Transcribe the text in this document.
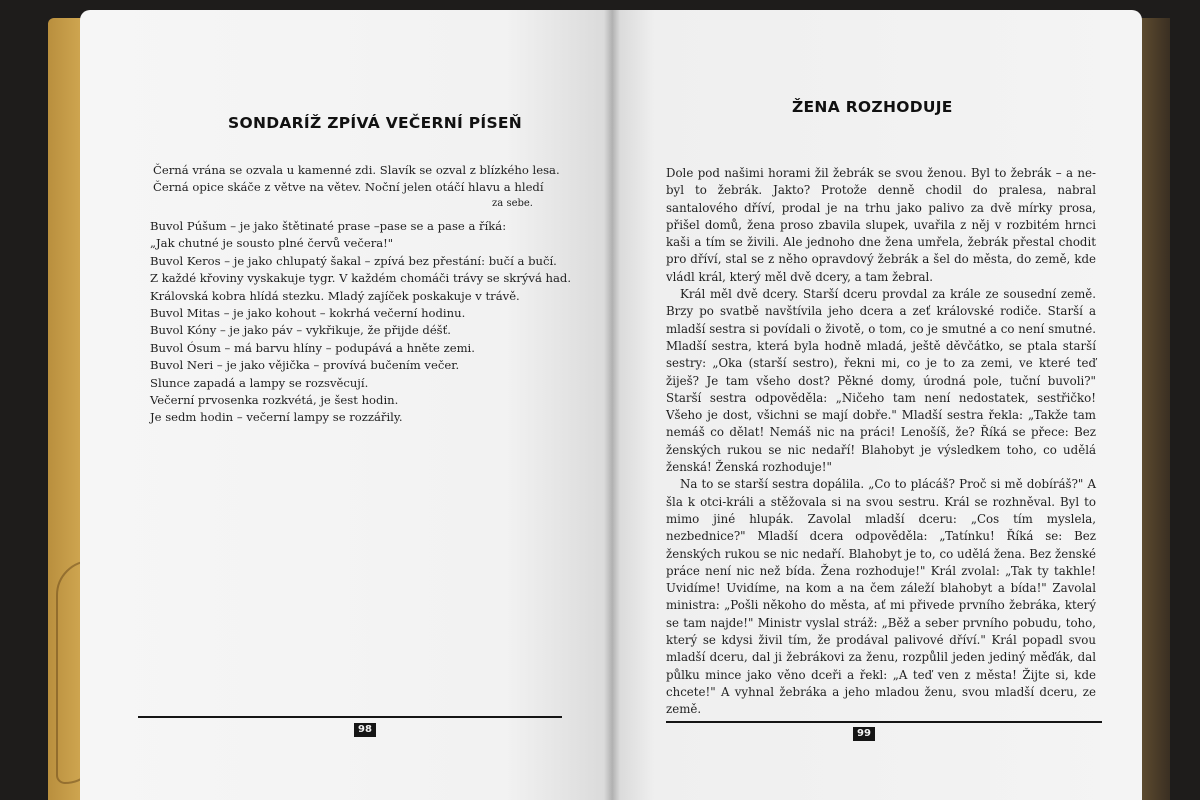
SONDARÍŽ ZPÍVÁ VEČERNÍ PÍSEŇ
Černá vrána se ozvala u kamenné zdi. Slavík se ozval z blízkého lesa.
Černá opice skáče z větve na větev. Noční jelen otáčí hlavu a hledí
za sebe.
Buvol Púšum – je jako štětinaté prase –pase se a pase a říká:
„Jak chutné je sousto plné červů večera!"
Buvol Keros – je jako chlupatý šakal – zpívá bez přestání: bučí a bučí.
Z každé křoviny vyskakuje tygr. V každém chomáči trávy se skrývá had.
Královská kobra hlídá stezku. Mladý zajíček poskakuje v trávě.
Buvol Mitas – je jako kohout – kokrhá večerní hodinu.
Buvol Kóny – je jako páv – vykřikuje, že přijde déšť.
Buvol Ósum – má barvu hlíny – podupává a hněte zemi.
Buvol Neri – je jako vějička – provívá bučením večer.
Slunce zapadá a lampy se rozsvěcují.
Večerní prvosenka rozkvétá, je šest hodin.
Je sedm hodin – večerní lampy se rozzářily.
98
ŽENA ROZHODUJE

Dole pod našimi horami žil žebrák se svou ženou. Byl to žebrák – a ne-byl to žebrák. Jakto? Protože denně chodil do pralesa, nabral santalového dříví, prodal je na trhu jako palivo za dvě mírky prosa, přišel domů, žena proso zbavila slupek, uvařila z něj v rozbitém hrnci kaši a tím se živili. Ale jednoho dne žena umřela, žebrák přestal chodit pro dříví, stal se z něho opravdový žebrák a šel do města, do země, kde vládl král, který měl dvě dcery, a tam žebral.

Král měl dvě dcery. Starší dceru provdal za krále ze sousední země. Brzy po svatbě navštívila jeho dcera a zeť královské rodiče. Starší a mladší sestra si povídali o životě, o tom, co je smutné a co není smutné. Mladší sestra, která byla hodně mladá, ještě děvčátko, se ptala starší sestry: „Oka (starší sestro), řekni mi, co je to za zemi, ve které teď žiješ? Je tam všeho dost? Pěkné domy, úrodná pole, tuční buvoli?" Starší sestra odpověděla: „Ničeho tam není nedostatek, sestřičko! Všeho je dost, všichni se mají dobře." Mladší sestra řekla: „Takže tam nemáš co dělat! Nemáš nic na práci! Lenošíš, že? Říká se přece: Bez ženských rukou se nic nedaří! Blahobyt je výsledkem toho, co udělá ženská! Ženská rozhoduje!"

Na to se starší sestra dopálila. „Co to plácáš? Proč si mě dobíráš?" A šla k otci-králi a stěžovala si na svou sestru. Král se rozhněval. Byl to mimo jiné hlupák. Zavolal mladší dceru: „Cos tím myslela, nezbednice?" Mladší dcera odpověděla: „Tatínku! Říká se: Bez ženských rukou se nic nedaří. Blahobyt je to, co udělá žena. Bez ženské práce není nic než bída. Žena rozhoduje!" Král zvolal: „Tak ty takhle! Uvidíme! Uvidíme, na kom a na čem záleží blahobyt a bída!" Zavolal ministra: „Pošli někoho do města, ať mi přivede prvního žebráka, který se tam najde!" Ministr vyslal stráž: „Běž a seber prvního pobudu, toho, který se kdysi živil tím, že prodával palivové dříví." Král popadl svou mladší dceru, dal ji žebrákovi za ženu, rozpůlil jeden jediný měďák, dal půlku mince jako věno dceři a řekl: „A teď ven z města! Žijte si, kde chcete!" A vyhnal žebráka a jeho mladou ženu, svou mladší dceru, ze země.

99
